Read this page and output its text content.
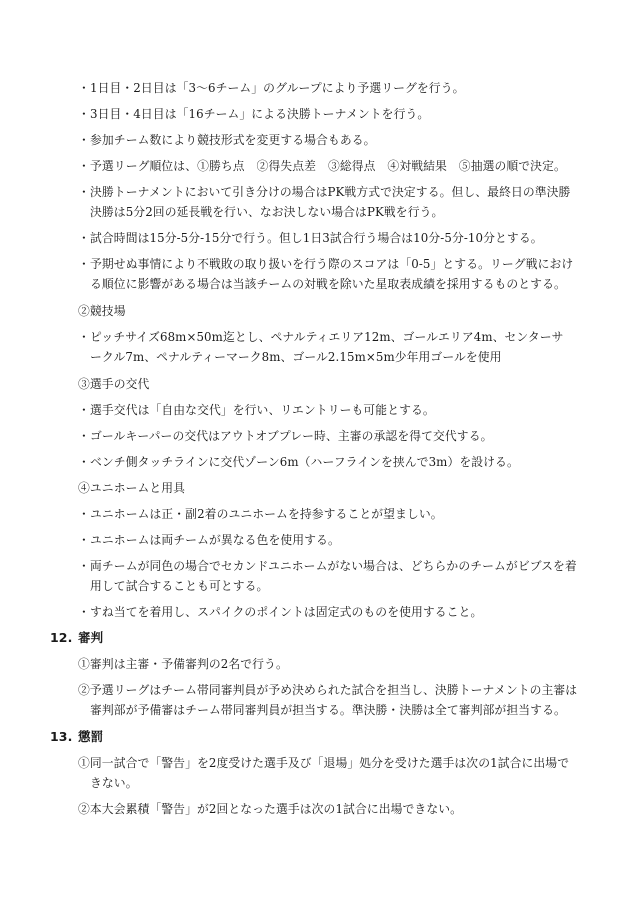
・1日目・2日目は「3～6チーム」のグループにより予選リーグを行う。
・3日目・4日目は「16チーム」による決勝トーナメントを行う。
・参加チーム数により競技形式を変更する場合もある。
・予選リーグ順位は、①勝ち点　②得失点差　③総得点　④対戦結果　⑤抽選の順で決定。
・決勝トーナメントにおいて引き分けの場合はPK戦方式で決定する。但し、最終日の準決勝
決勝は5分2回の延長戦を行い、なお決しない場合はPK戦を行う。
・試合時間は15分-5分-15分で行う。但し1日3試合行う場合は10分-5分-10分とする。
・予期せぬ事情により不戦敗の取り扱いを行う際のスコアは「0-5」とする。リーグ戦におけ
る順位に影響がある場合は当該チームの対戦を除いた星取表成績を採用するものとする。
②競技場
・ピッチサイズ68m×50m迄とし、ペナルティエリア12m、ゴールエリア4m、センターサ
ークル7m、ペナルティーマーク8m、ゴール2.15m×5m少年用ゴールを使用
③選手の交代
・選手交代は「自由な交代」を行い、リエントリーも可能とする。
・ゴールキーパーの交代はアウトオブプレー時、主審の承認を得て交代する。
・ベンチ側タッチラインに交代ゾーン6m（ハーフラインを挟んで3m）を設ける。
④ユニホームと用具
・ユニホームは正・副2着のユニホームを持参することが望ましい。
・ユニホームは両チームが異なる色を使用する。
・両チームが同色の場合でセカンドユニホームがない場合は、どちらかのチームがビブスを着
用して試合することも可とする。
・すね当てを着用し、スパイクのポイントは固定式のものを使用すること。
12. 審判
①審判は主審・予備審判の2名で行う。
②予選リーグはチーム帯同審判員が予め決められた試合を担当し、決勝トーナメントの主審は
審判部が予備審はチーム帯同審判員が担当する。準決勝・決勝は全て審判部が担当する。
13. 懲罰
①同一試合で「警告」を2度受けた選手及び「退場」処分を受けた選手は次の1試合に出場で
きない。
②本大会累積「警告」が2回となった選手は次の1試合に出場できない。
